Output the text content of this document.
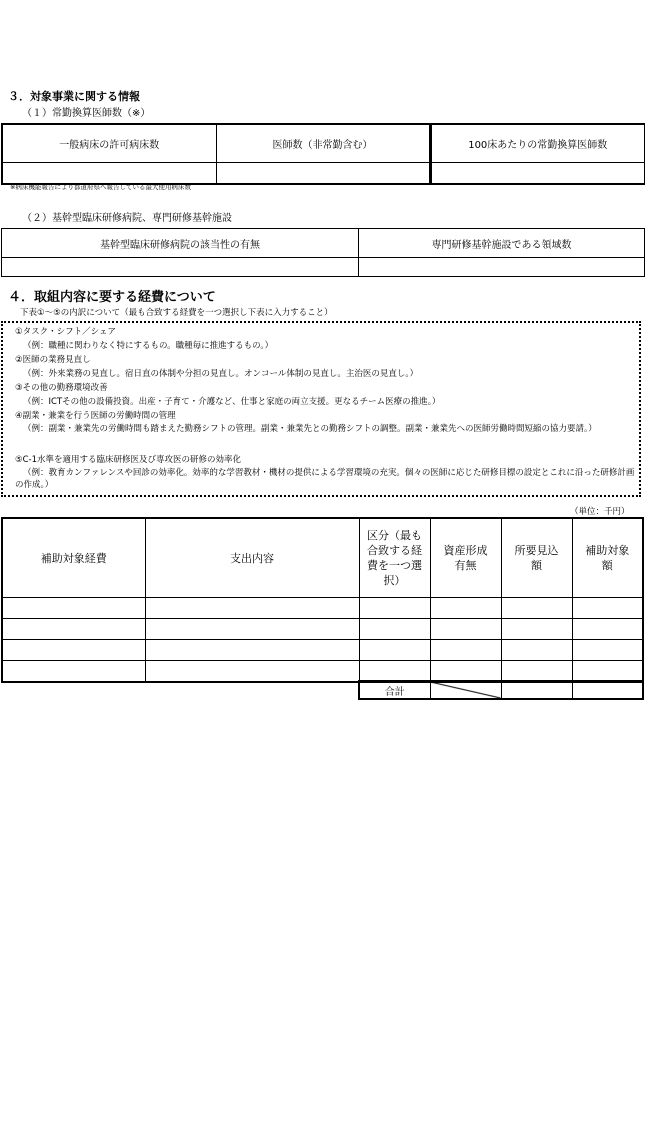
３．対象事業に関する情報
（１）常勤換算医師数（※）
一般病床の許可病床数	医師数（非常勤含む）	100床あたりの常勤換算医師数

※病床機能報告により都道府県へ報告している最大使用病床数
（２）基幹型臨床研修病院、専門研修基幹施設
基幹型臨床研修病院の該当性の有無	専門研修基幹施設である領域数

４．取組内容に要する経費について
下表①～⑤の内訳について（最も合致する経費を一つ選択し下表に入力すること）
①タスク・シフト／シェア
（例：職種に関わりなく特にするもの。職種毎に推進するもの。）
②医師の業務見直し
（例：外来業務の見直し。宿日直の体制や分担の見直し。オンコール体制の見直し。主治医の見直し。）
③その他の勤務環境改善
（例：ICTその他の設備投資。出産・子育て・介護など、仕事と家庭の両立支援。更なるチーム医療の推進。）
④副業・兼業を行う医師の労働時間の管理
（例：副業・兼業先の労働時間も踏まえた勤務シフトの管理。副業・兼業先との勤務シフトの調整。副業・兼業先への医師労働時間短縮の協力要請。）
⑤C-1水準を適用する臨床研修医及び専攻医の研修の効率化
（例：教育カンファレンスや回診の効率化。効率的な学習教材・機材の提供による学習環境の充実。個々の医師に応じた研修目標の設定とこれに沿った研修計画の作成。）
（単位：千円）
補助対象経費	支出内容	区分（最も合致する経費を一つ選択）	資産形成有無	所要見込額	補助対象額

合計			
